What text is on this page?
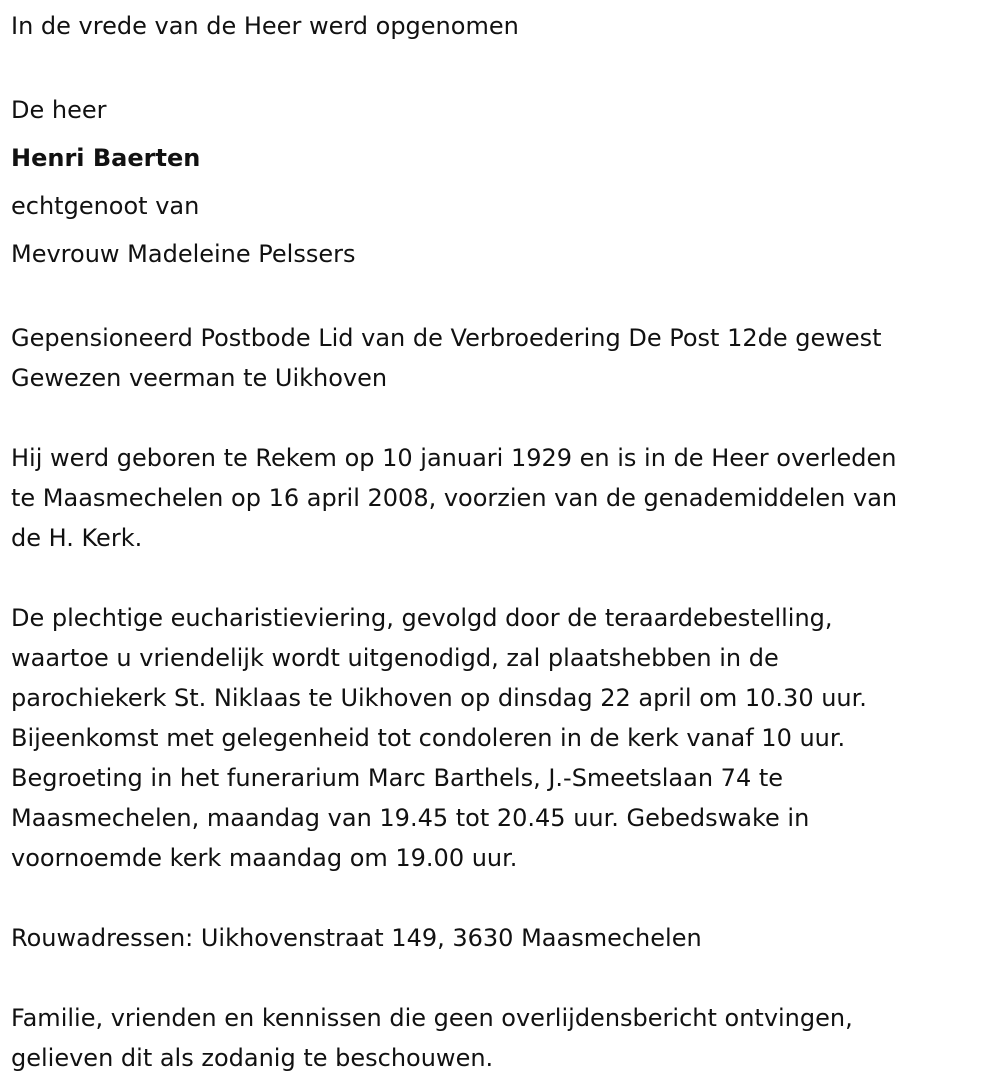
In de vrede van de Heer werd opgenomen

De heer

Henri Baerten

echtgenoot van

Mevrouw Madeleine Pelssers

Gepensioneerd Postbode Lid van de Verbroedering De Post 12de gewest

Gewezen veerman te Uikhoven

Hij werd geboren te Rekem op 10 januari 1929 en is in de Heer overleden

te Maasmechelen op 16 april 2008, voorzien van de genademiddelen van

de H. Kerk.

De plechtige eucharistieviering, gevolgd door de teraardebestelling,

waartoe u vriendelijk wordt uitgenodigd, zal plaatshebben in de

parochiekerk St. Niklaas te Uikhoven op dinsdag 22 april om 10.30 uur.

Bijeenkomst met gelegenheid tot condoleren in de kerk vanaf 10 uur.

Begroeting in het funerarium Marc Barthels, J.-Smeetslaan 74 te

Maasmechelen, maandag van 19.45 tot 20.45 uur. Gebedswake in

voornoemde kerk maandag om 19.00 uur.

Rouwadressen: Uikhovenstraat 149, 3630 Maasmechelen

Familie, vrienden en kennissen die geen overlijdensbericht ontvingen,

gelieven dit als zodanig te beschouwen.
